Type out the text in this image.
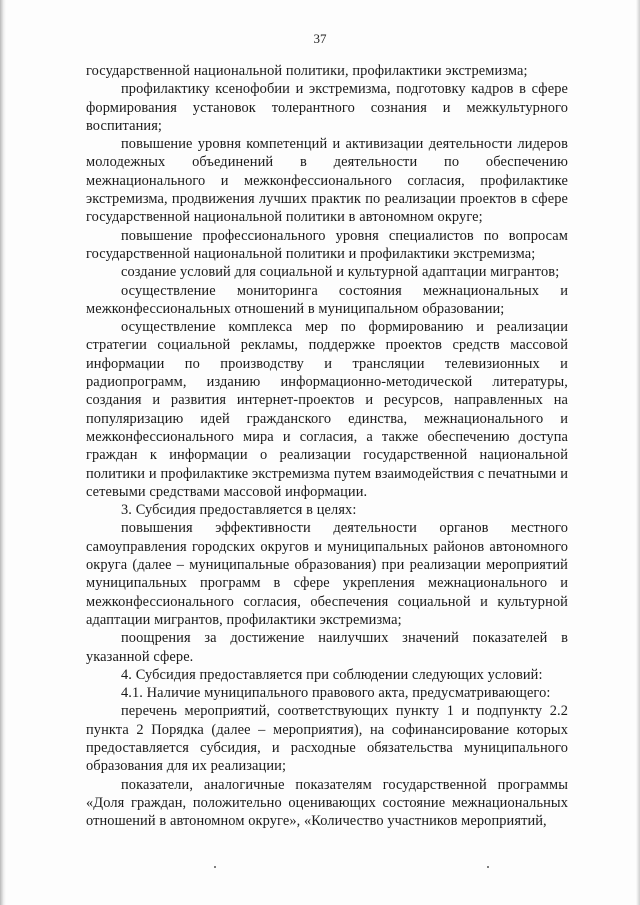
37

государственной национальной политики, профилактики экстремизма;

профилактику ксенофобии и экстремизма, подготовку кадров в сфере формирования установок толерантного сознания и межкультурного воспитания;

повышение уровня компетенций и активизации деятельности лидеров молодежных объединений в деятельности по обеспечению межнационального и межконфессионального согласия, профилактике экстремизма, продвижения лучших практик по реализации проектов в сфере государственной национальной политики в автономном округе;

повышение профессионального уровня специалистов по вопросам государственной национальной политики и профилактики экстремизма;

создание условий для социальной и культурной адаптации мигрантов;

осуществление мониторинга состояния межнациональных и межконфессиональных отношений в муниципальном образовании;

осуществление комплекса мер по формированию и реализации стратегии социальной рекламы, поддержке проектов средств массовой информации по производству и трансляции телевизионных и радиопрограмм, изданию информационно-методической литературы, создания и развития интернет-проектов и ресурсов, направленных на популяризацию идей гражданского единства, межнационального и межконфессионального мира и согласия, а также обеспечению доступа граждан к информации о реализации государственной национальной политики и профилактике экстремизма путем взаимодействия с печатными и сетевыми средствами массовой информации.

3. Субсидия предоставляется в целях:

повышения эффективности деятельности органов местного самоуправления городских округов и муниципальных районов автономного округа (далее – муниципальные образования) при реализации мероприятий муниципальных программ в сфере укрепления межнационального и межконфессионального согласия, обеспечения социальной и культурной адаптации мигрантов, профилактики экстремизма;

поощрения за достижение наилучших значений показателей в указанной сфере.

4. Субсидия предоставляется при соблюдении следующих условий:

4.1. Наличие муниципального правового акта, предусматривающего:

перечень мероприятий, соответствующих пункту 1 и подпункту 2.2 пункта 2 Порядка (далее – мероприятия), на софинансирование которых предоставляется субсидия, и расходные обязательства муниципального образования для их реализации;

показатели, аналогичные показателям государственной программы «Доля граждан, положительно оценивающих состояние межнациональных отношений в автономном округе», «Количество участников мероприятий,
